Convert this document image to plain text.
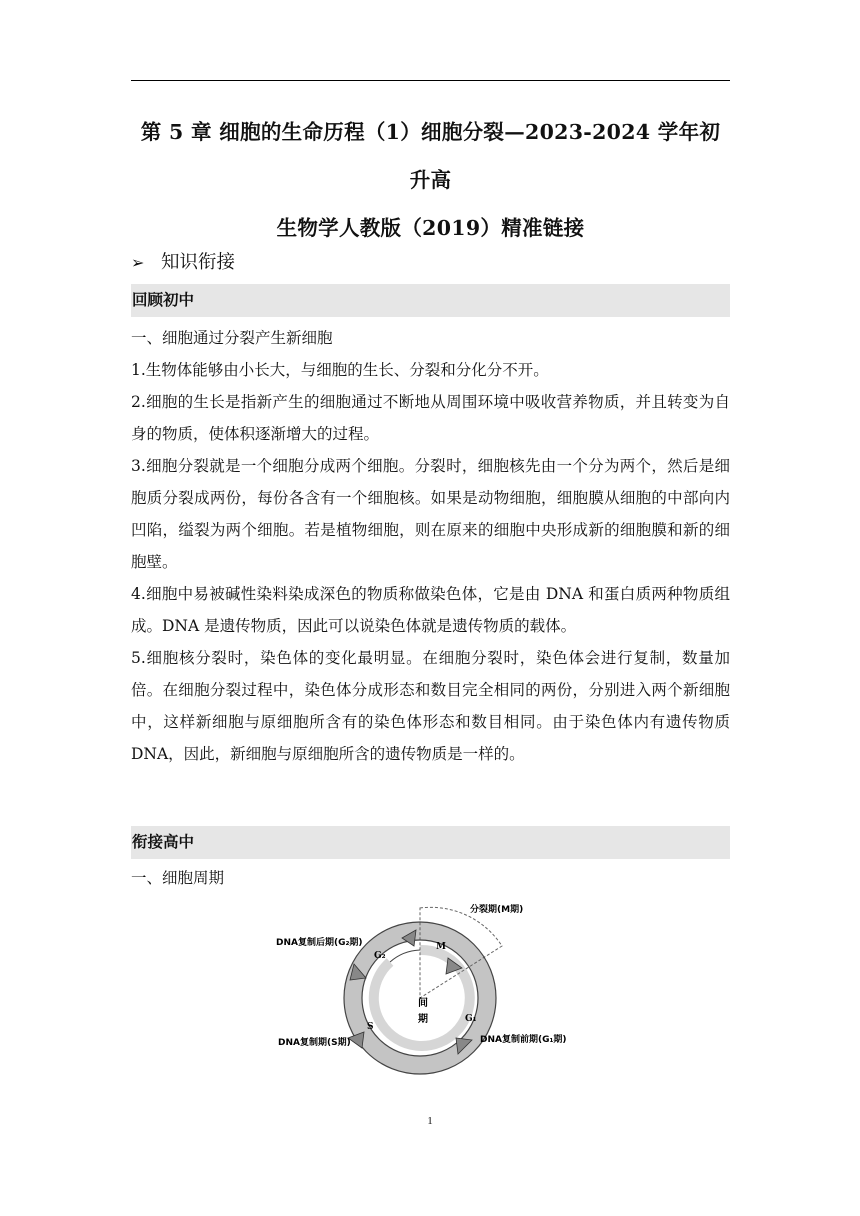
第 5 章 细胞的生命历程（1）细胞分裂—2023-2024 学年初升高
生物学人教版（2019）精准链接
➢ 知识衔接
回顾初中

一、细胞通过分裂产生新细胞

1.生物体能够由小长大，与细胞的生长、分裂和分化分不开。

2.细胞的生长是指新产生的细胞通过不断地从周围环境中吸收营养物质，并且转变为自身的物质，使体积逐渐增大的过程。

3.细胞分裂就是一个细胞分成两个细胞。分裂时，细胞核先由一个分为两个，然后是细胞质分裂成两份，每份各含有一个细胞核。如果是动物细胞，细胞膜从细胞的中部向内凹陷，缢裂为两个细胞。若是植物细胞，则在原来的细胞中央形成新的细胞膜和新的细胞壁。

4.细胞中易被碱性染料染成深色的物质称做染色体，它是由 DNA 和蛋白质两种物质组成。DNA 是遗传物质，因此可以说染色体就是遗传物质的载体。

5.细胞核分裂时，染色体的变化最明显。在细胞分裂时，染色体会进行复制，数量加倍。在细胞分裂过程中，染色体分成形态和数目完全相同的两份，分别进入两个新细胞中，这样新细胞与原细胞所含有的染色体形态和数目相同。由于染色体内有遗传物质 DNA，因此，新细胞与原细胞所含的遗传物质是一样的。

衔接高中

一、细胞周期

分裂期(M期)
DNA复制后期(G₂期)
DNA复制期(S期)	DNA复制前期(G₁期)
M
G₂
S
G₁
间
期
1
